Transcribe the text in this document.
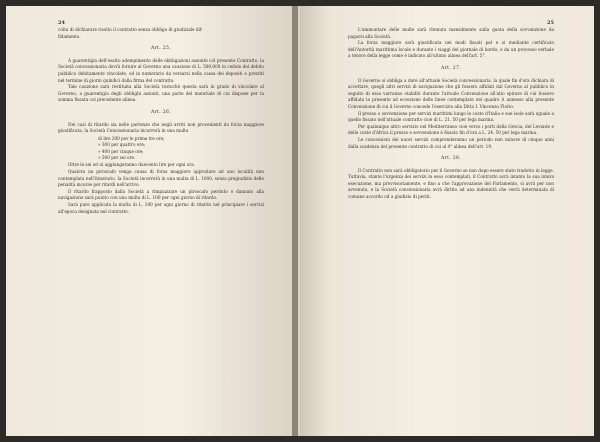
24

colta di dichiarare risolto il contratto senza obbligo di giudiziale dif-

fidamento.

Art. 25.

A guarentigia dell'esatto adempimento delle obbligazioni assunte col presente Contratto, la Società concessionaria dovrà fornire al Governo una cauzione di L. 500,000 in cedole del debito pubblico debitamente vincolate, od in numerario da versarsi nella cassa dei depositi e prestiti nel termine di giorni quindici dalla firma del contratto.

Tale cauzione sarà restituita alla Società tostochè questa sarà in grado di vincolare al Governo, a guarentigia degli obblighi assunti, una parte del materiale di cui dispone per la somma fissata col precedente alinea.

Art. 26.

Nei casi di ritardo sia nelle partenze che negli arrivi non provenienti da forza maggiore giustificata, la Società Concessionaria incorrerà in una multa

di lire 200 per le prime tre ore;
» 300 per quattro ore;
» 400 per cinque ore;
» 500 per sei ore.

Oltre le sei ori si aggiungeranno duecento lire per ogni ora.

Qualora un piroscafo venga causa di forza maggiore approdare ad uno località non contemplata nell'itinerario, la Società incorrerà in una multa di L. 1000, senza pregiudizio delle penalità incorse per ritardi nell'arrivo.

Il ritardo frapposto dalla Società a rimpiazzare un piroscafo perduto o dannato alla navigazione sarà punito con una multa di L. 100 per ogni giorno di ritardo.

Sarà pure applicata la multa di L. 100 per ogni giorno di ritardo nel principiare i servizi all'epoca designata nel contratto.

25

L'ammontare delle multe sarà ritenuto mensilmente sulla quota della sovvenzione da pagarsi alla Società.

La forza maggiore sarà giustificata nei modi fissati pel e si mediante certificato dell'Autorità marittima locale e durante i viaggi del giornale di bordo, e da un processo verbale a tenore della legge come è indicato all'ultimo alinea dell'art. 5°.

Art. 27.

Il Governo si obbliga a dare all'attuale Società concessionaria, la quale fin d'ora dichiara di accettare, quegli altri servizi di navigazione che gli fossero affidati dal Governo al pubblico in seguito di essa varranno stabiliti durante l'attuale Convenzione all'alto spirare di cui fossero affidata la presente ad eccezione delle linee contemplate nel quadro A annesso alla presente Convenzione di cui il Governo concede l'esercizio alla Ditta I. Vincenzo Florio.

Il presso o sovvenzione per servizi marittimi lungo le coste d'Italia e sue isole sarà uguale a quello fissato nell'attuale contratto cioè di L. 21. 50 per lega marina.

Per qualunque altro servizio nel Mediterraneo cioè verso i porti della Grecia, del Levante e delle coste d'Africa il prezzo e sovvenzione è fissato fin d'ora a L. 24. 50 per lega marina.

Le concessioni dei nuovi servizi comprenderanno un periodo non minore di cinque anni dalla scadenza del presente contratto di cui al 4° alinea dell'art. 19.

Art. 28.

Il Contratto non sarà obbligatorio per il Governo se non dopo essere stato tradotto in legge. Tuttavia, stante l'urgenza dei servizi in esso contemplati, il Contratto avrà intanto la sua intera esecuzione, ma provvisoriamente, e fino a che l'approvazione del Parlamento, si avrà per non avvenuto, e la Società concessionaria avrà diritto ad una indennità che verrà determinata di comune accordo od a giudizio di periti.
